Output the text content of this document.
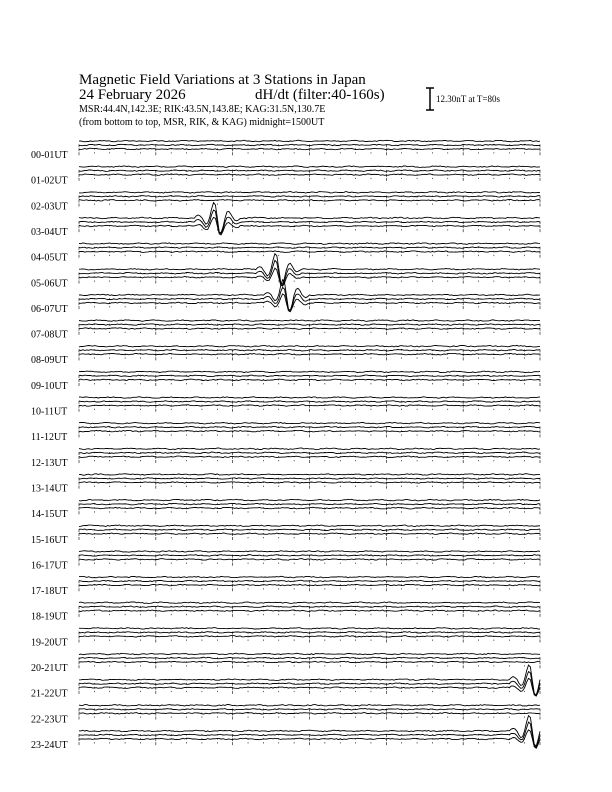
Magnetic Field Variations at 3 Stations in Japan
24 February 2026	dH/dt (filter:40-160s)
MSR:44.4N,142.3E; RIK:43.5N,143.8E; KAG:31.5N,130.7E
(from bottom to top, MSR, RIK, & KAG) midnight=1500UT
12.30nT at T=80s
00-01UT
01-02UT
02-03UT
03-04UT
04-05UT
05-06UT
06-07UT
07-08UT
08-09UT
09-10UT
10-11UT
11-12UT
12-13UT
13-14UT
14-15UT
15-16UT
16-17UT
17-18UT
18-19UT
19-20UT
20-21UT
21-22UT
22-23UT
23-24UT
